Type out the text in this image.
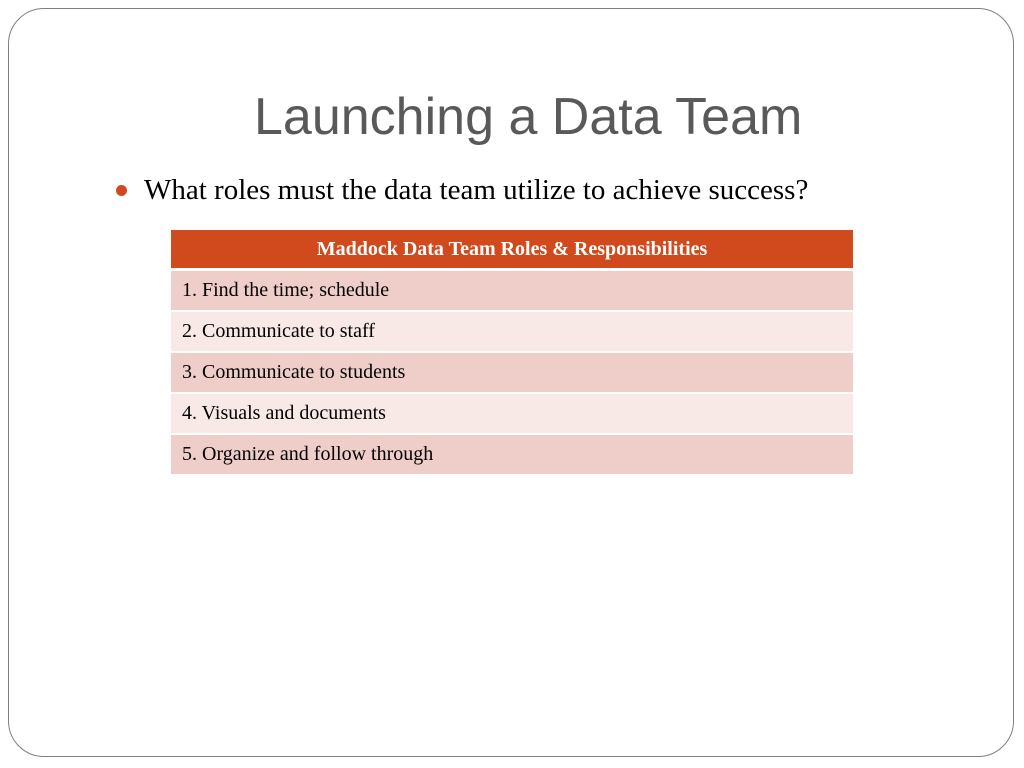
Launching a Data Team
What roles must the data team utilize to achieve success?
Maddock Data Team Roles & Responsibilities
1. Find the time; schedule
2. Communicate to staff
3. Communicate to students
4. Visuals and documents
5. Organize and follow through
